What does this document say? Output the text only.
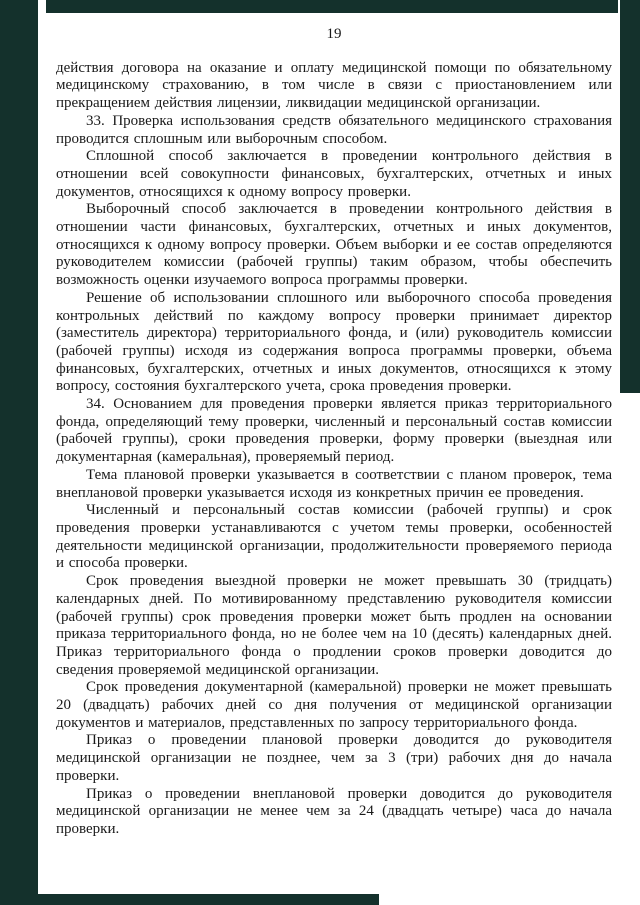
19

действия договора на оказание и оплату медицинской помощи по обязательному медицинскому страхованию, в том числе в связи с приостановлением или прекращением действия лицензии, ликвидации медицинской организации.

33. Проверка использования средств обязательного медицинского страхования проводится сплошным или выборочным способом.

Сплошной способ заключается в проведении контрольного действия в отношении всей совокупности финансовых, бухгалтерских, отчетных и иных документов, относящихся к одному вопросу проверки.

Выборочный способ заключается в проведении контрольного действия в отношении части финансовых, бухгалтерских, отчетных и иных документов, относящихся к одному вопросу проверки. Объем выборки и ее состав определяются руководителем комиссии (рабочей группы) таким образом, чтобы обеспечить возможность оценки изучаемого вопроса программы проверки.

Решение об использовании сплошного или выборочного способа проведения контрольных действий по каждому вопросу проверки принимает директор (заместитель директора) территориального фонда, и (или) руководитель комиссии (рабочей группы) исходя из содержания вопроса программы проверки, объема финансовых, бухгалтерских, отчетных и иных документов, относящихся к этому вопросу, состояния бухгалтерского учета, срока проведения проверки.

34. Основанием для проведения проверки является приказ территориального фонда, определяющий тему проверки, численный и персональный состав комиссии (рабочей группы), сроки проведения проверки, форму проверки (выездная или документарная (камеральная), проверяемый период.

Тема плановой проверки указывается в соответствии с планом проверок, тема внеплановой проверки указывается исходя из конкретных причин ее проведения.

Численный и персональный состав комиссии (рабочей группы) и срок проведения проверки устанавливаются с учетом темы проверки, особенностей деятельности медицинской организации, продолжительности проверяемого периода и способа проверки.

Срок проведения выездной проверки не может превышать 30 (тридцать) календарных дней. По мотивированному представлению руководителя комиссии (рабочей группы) срок проведения проверки может быть продлен на основании приказа территориального фонда, но не более чем на 10 (десять) календарных дней. Приказ территориального фонда о продлении сроков проверки доводится до сведения проверяемой медицинской организации.

Срок проведения документарной (камеральной) проверки не может превышать 20 (двадцать) рабочих дней со дня получения от медицинской организации документов и материалов, представленных по запросу территориального фонда.

Приказ о проведении плановой проверки доводится до руководителя медицинской организации не позднее, чем за 3 (три) рабочих дня до начала проверки.

Приказ о проведении внеплановой проверки доводится до руководителя медицинской организации не менее чем за 24 (двадцать четыре) часа до начала проверки.
